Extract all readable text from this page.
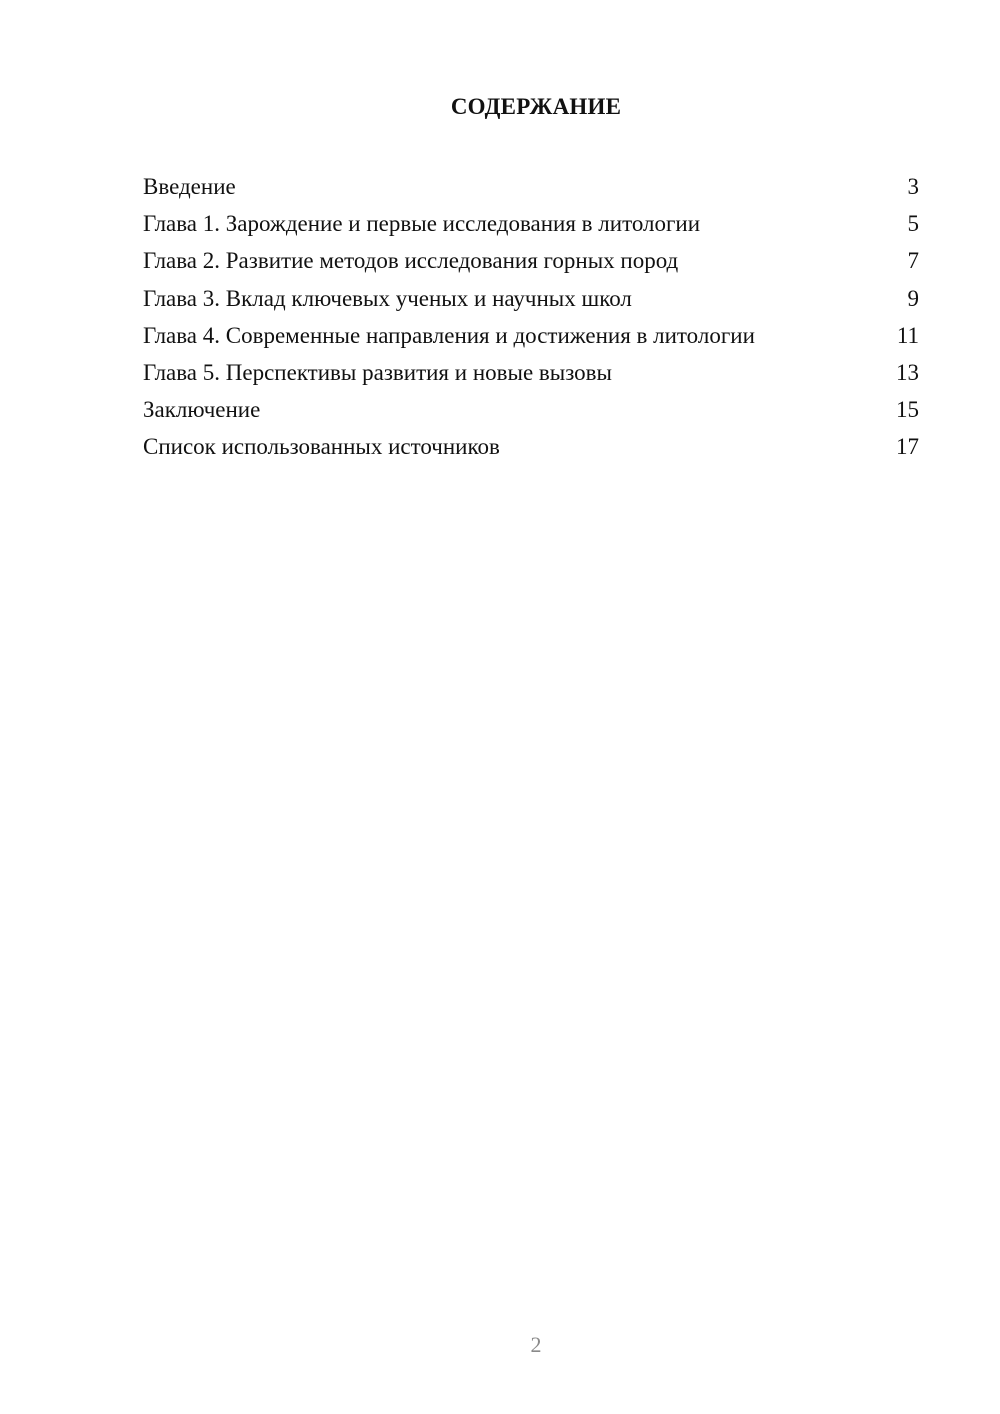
СОДЕРЖАНИЕ
Введение	3
Глава 1. Зарождение и первые исследования в литологии	5
Глава 2. Развитие методов исследования горных пород	7
Глава 3. Вклад ключевых ученых и научных школ	9
Глава 4. Современные направления и достижения в литологии	11
Глава 5. Перспективы развития и новые вызовы	13
Заключение	15
Список использованных источников	17
2
